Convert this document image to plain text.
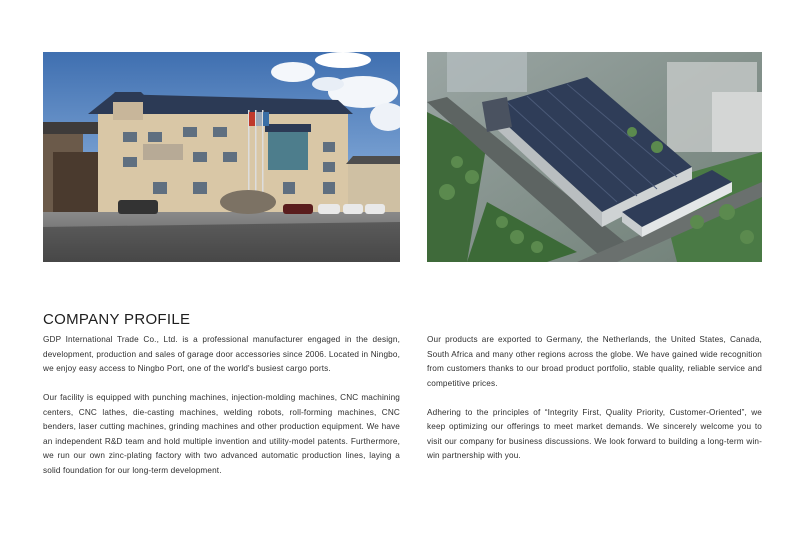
COMPANY PROFILE

GDP International Trade Co., Ltd. is a professional manufacturer engaged in the design, development, production and sales of garage door accessories since 2006. Located in Ningbo, we enjoy easy access to Ningbo Port, one of the world's busiest cargo ports.

Our facility is equipped with punching machines, injection-molding machines, CNC machining centers, CNC lathes, die-casting machines, welding robots, roll-forming machines, CNC benders, laser cutting machines, grinding machines and other production equipment. We have an independent R&D team and hold multiple invention and utility-model patents. Furthermore, we run our own zinc-plating factory with two advanced automatic production lines, laying a solid foundation for our long-term development.

Our products are exported to Germany, the Netherlands, the United States, Canada, South Africa and many other regions across the globe. We have gained wide recognition from customers thanks to our broad product portfolio, stable quality, reliable service and competitive prices.

Adhering to the principles of “Integrity First, Quality Priority, Customer-Oriented”, we keep optimizing our offerings to meet market demands. We sincerely welcome you to visit our company for business discussions. We look forward to building a long-term win-win partnership with you.
